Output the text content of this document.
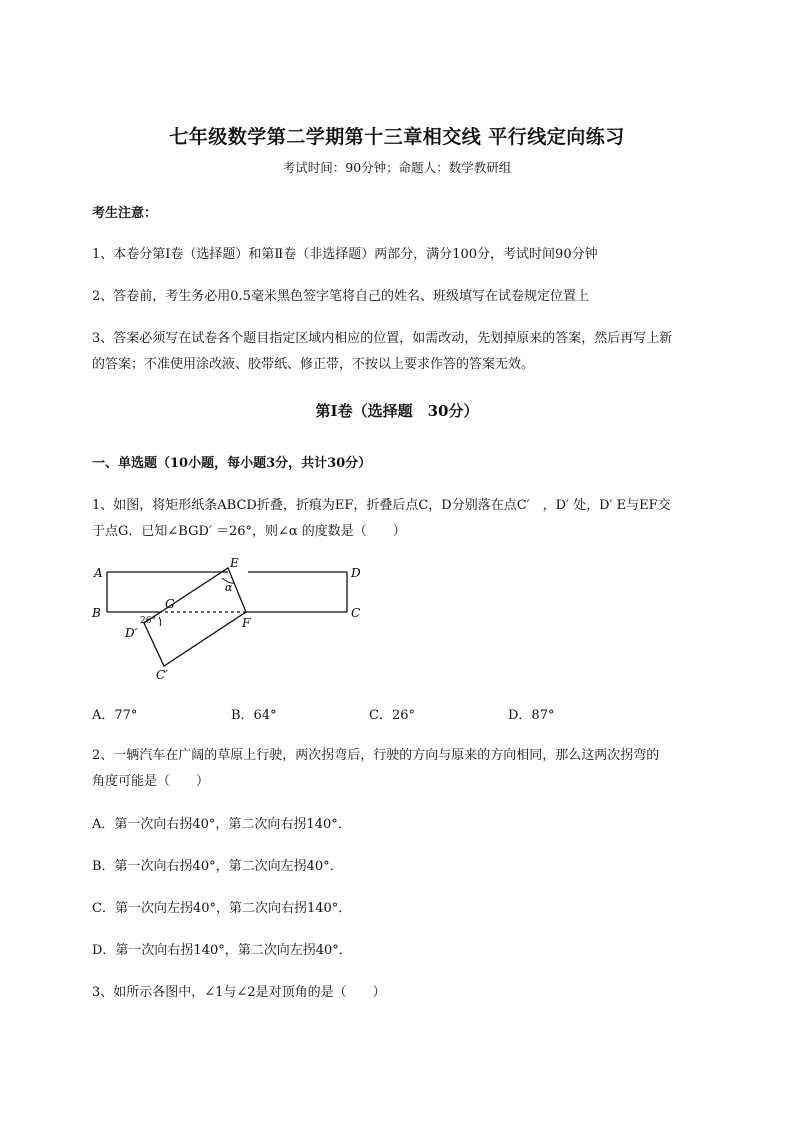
七年级数学第二学期第十三章相交线 平行线定向练习
考试时间：90分钟；命题人：数学教研组
考生注意：
1、本卷分第Ⅰ卷（选择题）和第Ⅱ卷（非选择题）两部分，满分100分，考试时间90分钟
2、答卷前，考生务必用0.5毫米黑色签字笔将自己的姓名、班级填写在试卷规定位置上
3、答案必须写在试卷各个题目指定区域内相应的位置，如需改动，先划掉原来的答案，然后再写上新
的答案；不准使用涂改液、胶带纸、修正带，不按以上要求作答的答案无效。
第Ⅰ卷（选择题　30分）
一、单选题（10小题，每小题3分，共计30分）
1、如图，将矩形纸条ABCD折叠，折痕为EF，折叠后点C，D分别落在点C′　，D′ 处，D′ E与EF交
于点G．已知∠BGD′ ＝26°，则∠α 的度数是（　　）
A
B	C
D
E
F
G
D′
C′
α
26°
A．77°	B．64°	C．26°	D．87°
2、一辆汽车在广阔的草原上行驶，两次拐弯后，行驶的方向与原来的方向相同，那么这两次拐弯的
角度可能是（　　）
A．第一次向右拐40°，第二次向右拐140°．
B．第一次向右拐40°，第二次向左拐40°．
C．第一次向左拐40°，第二次向右拐140°．
D．第一次向右拐140°，第二次向左拐40°．
3、如所示各图中，∠1与∠2是对顶角的是（　　）
